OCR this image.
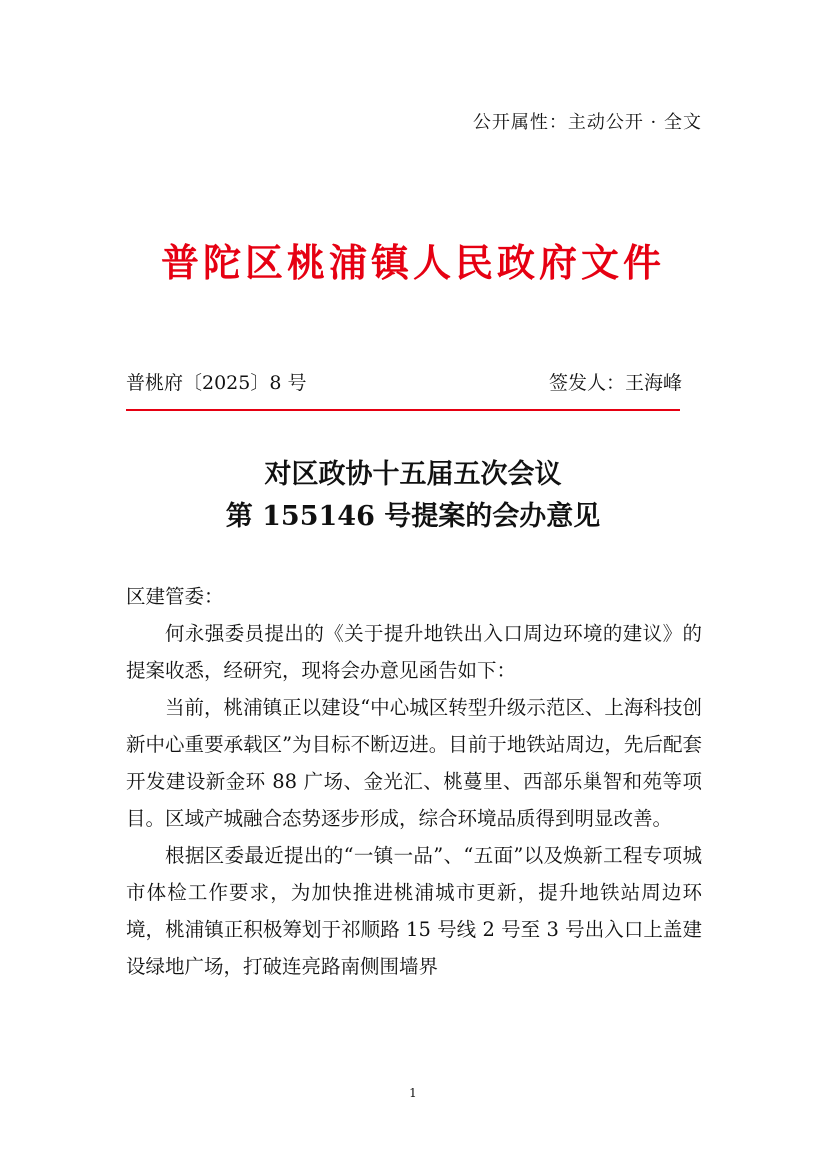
公开属性：主动公开 · 全文
普陀区桃浦镇人民政府文件
普桃府〔2025〕8 号	签发人：王海峰
对区政协十五届五次会议
第 155146 号提案的会办意见

区建管委：

何永强委员提出的《关于提升地铁出入口周边环境的建议》的提案收悉，经研究，现将会办意见函告如下：

当前，桃浦镇正以建设“中心城区转型升级示范区、上海科技创新中心重要承载区”为目标不断迈进。目前于地铁站周边，先后配套开发建设新金环 88 广场、金光汇、桃蔓里、西部乐巢智和苑等项目。区域产城融合态势逐步形成，综合环境品质得到明显改善。

根据区委最近提出的“一镇一品”、“五面”以及焕新工程专项城市体检工作要求，为加快推进桃浦城市更新，提升地铁站周边环境，桃浦镇正积极筹划于祁顺路 15 号线 2 号至 3 号出入口上盖建设绿地广场，打破连亮路南侧围墙界

1
